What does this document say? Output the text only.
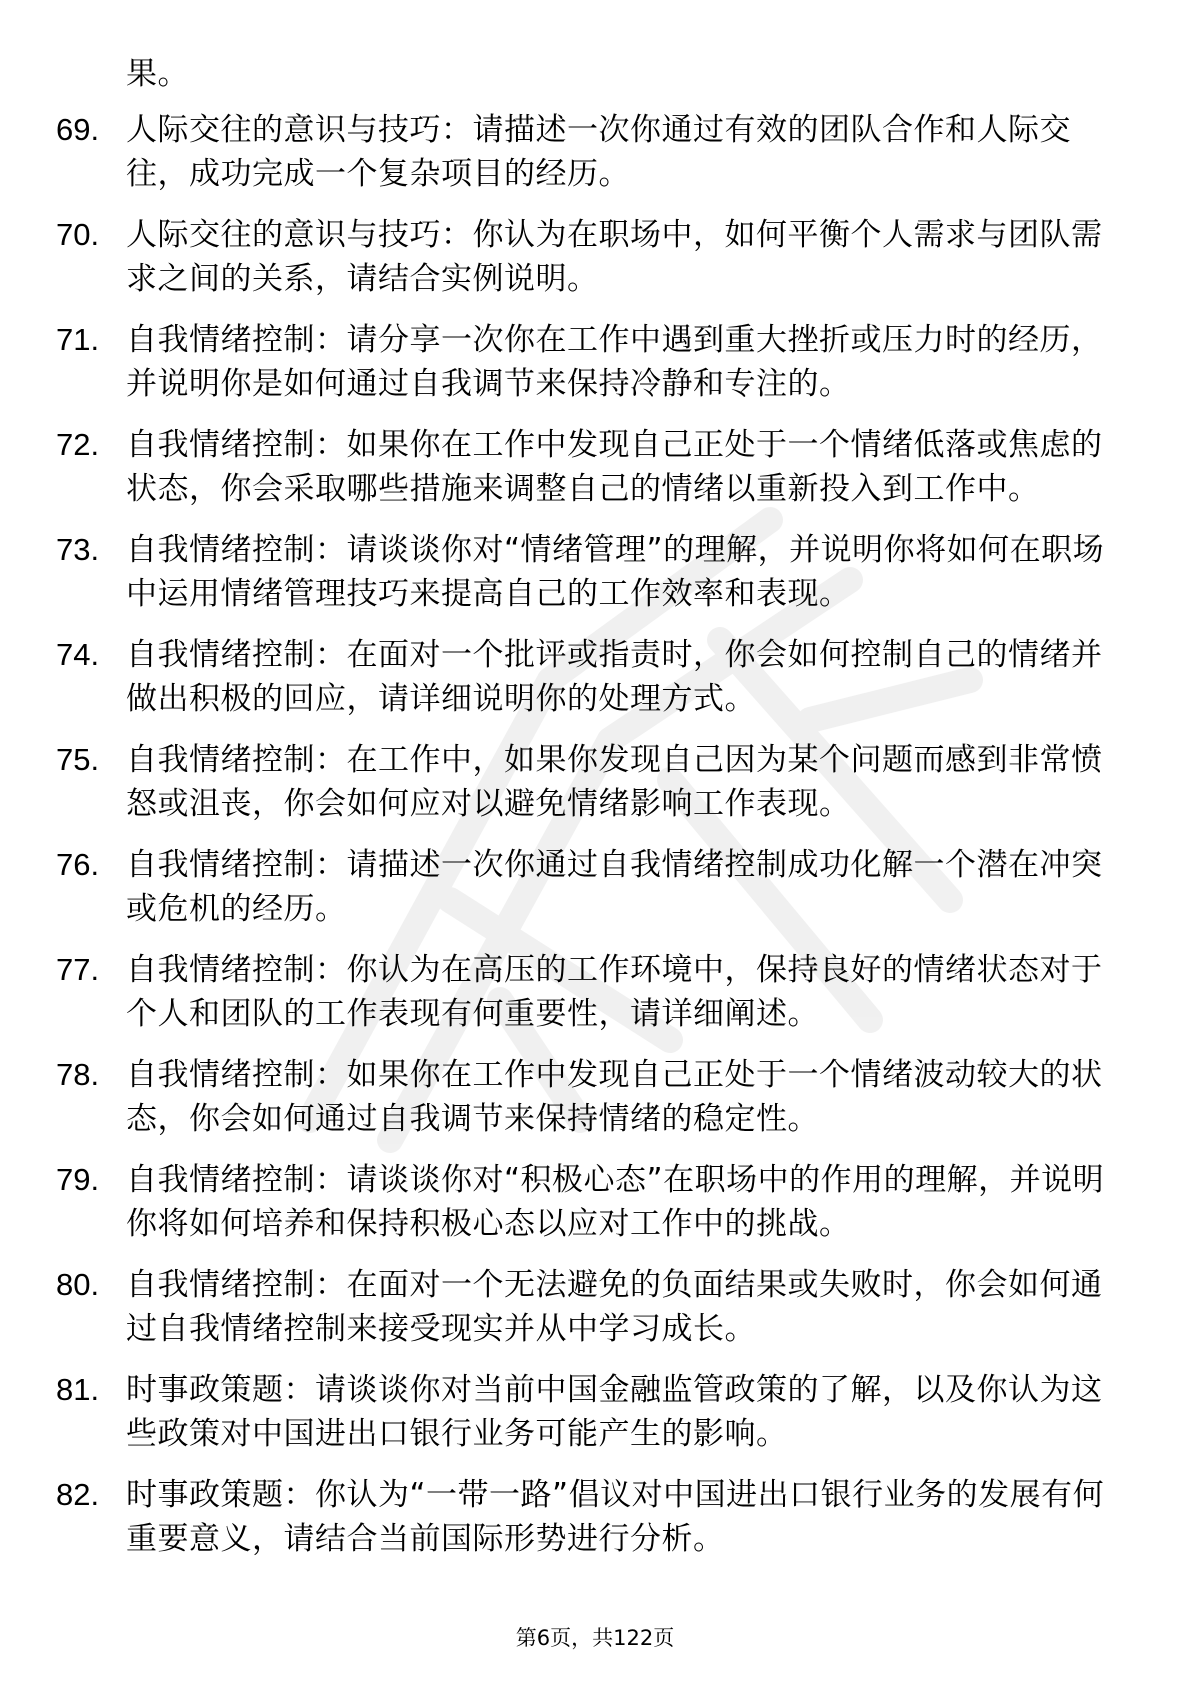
果。
69. 人际交往的意识与技巧：请描述一次你通过有效的团队合作和人际交往，成功完成一个复杂项目的经历。
70. 人际交往的意识与技巧：你认为在职场中，如何平衡个人需求与团队需求之间的关系，请结合实例说明。
71. 自我情绪控制：请分享一次你在工作中遇到重大挫折或压力时的经历，并说明你是如何通过自我调节来保持冷静和专注的。
72. 自我情绪控制：如果你在工作中发现自己正处于一个情绪低落或焦虑的状态，你会采取哪些措施来调整自己的情绪以重新投入到工作中。
73. 自我情绪控制：请谈谈你对“情绪管理”的理解，并说明你将如何在职场中运用情绪管理技巧来提高自己的工作效率和表现。
74. 自我情绪控制：在面对一个批评或指责时，你会如何控制自己的情绪并做出积极的回应，请详细说明你的处理方式。
75. 自我情绪控制：在工作中，如果你发现自己因为某个问题而感到非常愤怒或沮丧，你会如何应对以避免情绪影响工作表现。
76. 自我情绪控制：请描述一次你通过自我情绪控制成功化解一个潜在冲突或危机的经历。
77. 自我情绪控制：你认为在高压的工作环境中，保持良好的情绪状态对于个人和团队的工作表现有何重要性，请详细阐述。
78. 自我情绪控制：如果你在工作中发现自己正处于一个情绪波动较大的状态，你会如何通过自我调节来保持情绪的稳定性。
79. 自我情绪控制：请谈谈你对“积极心态”在职场中的作用的理解，并说明你将如何培养和保持积极心态以应对工作中的挑战。
80. 自我情绪控制：在面对一个无法避免的负面结果或失败时，你会如何通过自我情绪控制来接受现实并从中学习成长。
81. 时事政策题：请谈谈你对当前中国金融监管政策的了解，以及你认为这些政策对中国进出口银行业务可能产生的影响。
82. 时事政策题：你认为“一带一路”倡议对中国进出口银行业务的发展有何重要意义，请结合当前国际形势进行分析。
第6页，共122页
